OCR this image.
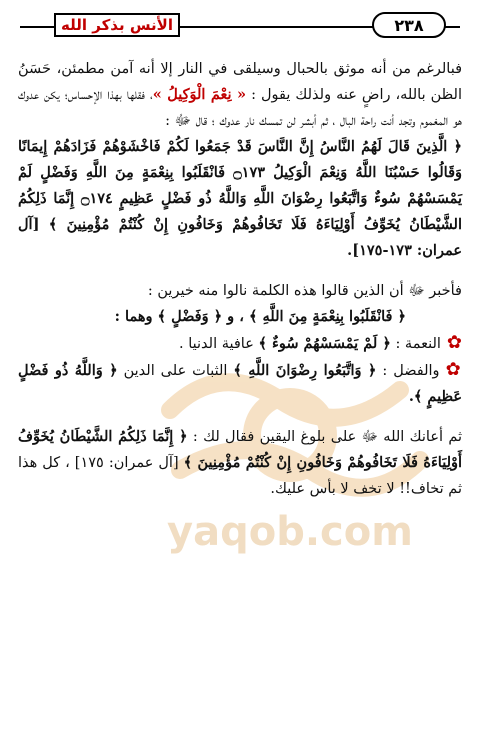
الأنس بذكر الله	٢٣٨
yaqob.com

فبالرغم من أنه موثق بالحبال وسيلقى في النار إلا أنه آمن مطمئن، حَسَنُ الظن بالله، راضٍ عنه ولذلك يقول : « نِعْمَ الْوَكِيلُ »، فقلها بهذا الإحساس؛ يكن عدوك هو المغموم وتجد أنت راحة البال ، ثم أبشر لن تمسك نار عدوك ؛ قال ﷻ :

﴿ الَّذِينَ قَالَ لَهُمُ النَّاسُ إِنَّ النَّاسَ قَدْ جَمَعُوا لَكُمْ فَاخْشَوْهُمْ فَزَادَهُمْ إِيمَانًا وَقَالُوا حَسْبُنَا اللَّهُ وَنِعْمَ الْوَكِيلُ ۝١٧٣ فَانْقَلَبُوا بِنِعْمَةٍ مِنَ اللَّهِ وَفَضْلٍ لَمْ يَمْسَسْهُمْ سُوءٌ وَاتَّبَعُوا رِضْوَانَ اللَّهِ وَاللَّهُ ذُو فَضْلٍ عَظِيمٍ ۝١٧٤ إِنَّمَا ذَلِكُمُ الشَّيْطَانُ يُخَوِّفُ أَوْلِيَاءَهُ فَلَا تَخَافُوهُمْ وَخَافُونِ إِنْ كُنْتُمْ مُؤْمِنِينَ ﴾ [آل عمران: ١٧٣-١٧٥].

فأخبر ﷻ أن الذين قالوا هذه الكلمة نالوا منه خيرين :

﴿ فَانْقَلَبُوا بِنِعْمَةٍ مِنَ اللَّهِ ﴾ ، و ﴿ وَفَضْلٍ ﴾ وهما :

✿النعمة : ﴿ لَمْ يَمْسَسْهُمْ سُوءٌ ﴾ عافية الدنيا .

✿والفضل : ﴿ وَاتَّبَعُوا رِضْوَانَ اللَّهِ ﴾ الثبات على الدين ﴿ وَاللَّهُ ذُو فَضْلٍ عَظِيمٍ ﴾.

ثم أعانك الله ﷻ على بلوغ اليقين فقال لك : ﴿ إِنَّمَا ذَلِكُمُ الشَّيْطَانُ يُخَوِّفُ أَوْلِيَاءَهُ فَلَا تَخَافُوهُمْ وَخَافُونِ إِنْ كُنْتُمْ مُؤْمِنِينَ ﴾ [آل عمران: ١٧٥] ، كل هذا ثم تخاف!! لا تخف لا بأس عليك.
